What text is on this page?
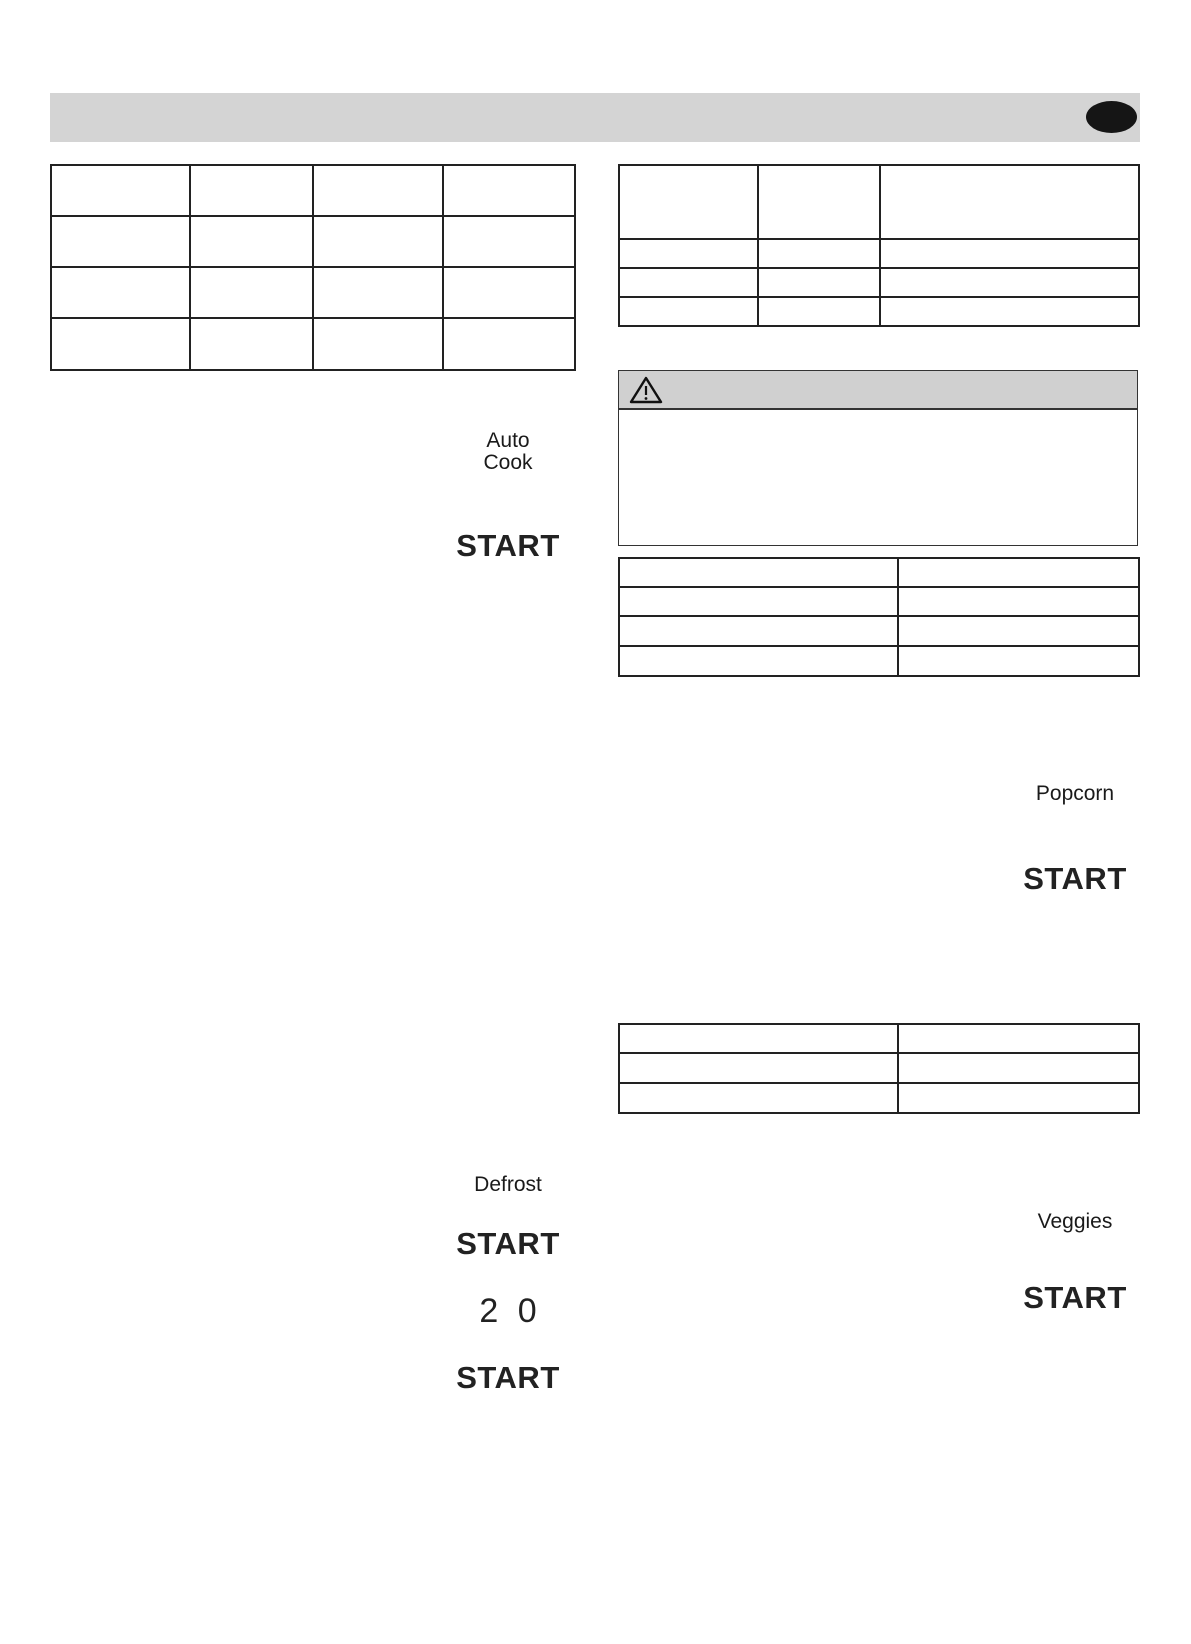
Auto
Cook
START
Defrost
START
2 0
START
Popcorn
START
Veggies
START
